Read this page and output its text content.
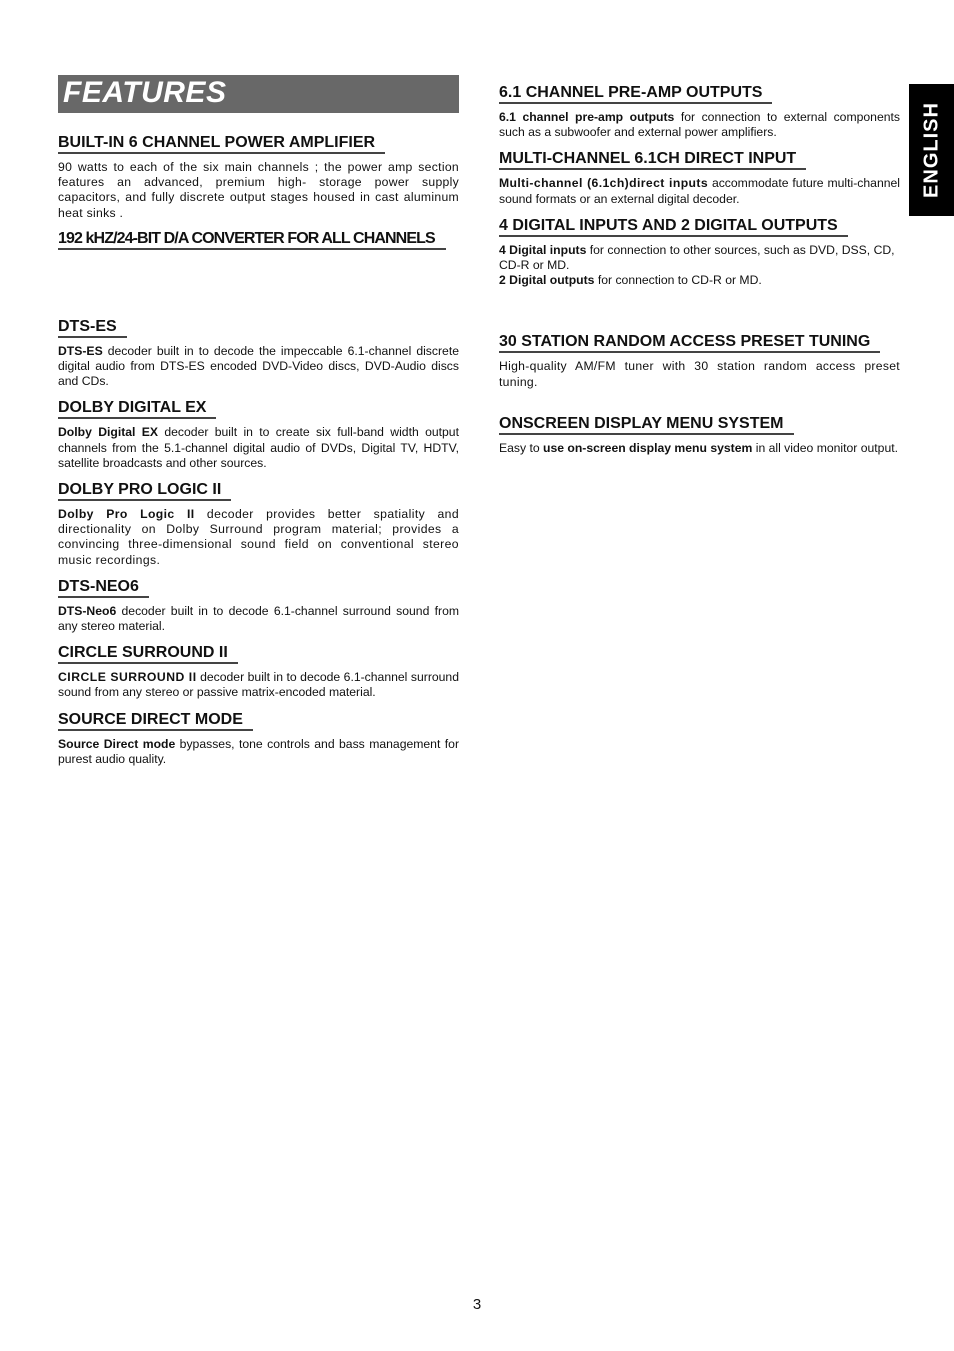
FEATURES
ENGLISH
BUILT-IN 6 CHANNEL POWER AMPLIFIER

90 watts to each of the six main channels ; the power amp section features an advanced, premium high- storage power supply capacitors, and fully discrete output stages housed in cast aluminum heat sinks .

192 kHZ/24-BIT D/A CONVERTER FOR ALL CHANNELS
DTS-ES

DTS-ES decoder built in to decode the impeccable 6.1-channel discrete digital audio from DTS-ES encoded DVD-Video discs, DVD-Audio discs and CDs.

DOLBY DIGITAL EX

Dolby Digital EX decoder built in to create six full-band width output channels from the 5.1-channel digital audio of DVDs, Digital TV, HDTV, satellite broadcasts and other sources.

DOLBY PRO LOGIC II

Dolby Pro Logic II decoder provides better spatiality and directionality on Dolby Surround program material; provides a convincing three-dimensional sound field on conventional stereo music recordings.

DTS-NEO6

DTS-Neo6 decoder built in to decode 6.1-channel surround sound from any stereo material.

CIRCLE SURROUND II

CIRCLE SURROUND II decoder built in to decode 6.1-channel surround sound from any stereo or passive matrix-encoded material.

SOURCE DIRECT MODE

Source Direct mode bypasses, tone controls and bass management for purest audio quality.

6.1 CHANNEL PRE-AMP OUTPUTS

6.1 channel pre-amp outputs for connection to external components such as a subwoofer and external power amplifiers.

MULTI-CHANNEL 6.1CH DIRECT INPUT

Multi-channel (6.1ch)direct inputs accommodate future multi-channel sound formats or an external digital decoder.

4 DIGITAL INPUTS AND 2 DIGITAL OUTPUTS

4 Digital inputs for connection to other sources, such as DVD, DSS, CD, CD-R or MD.
2 Digital outputs for connection to CD-R or MD.

30 STATION RANDOM ACCESS PRESET TUNING

High-quality AM/FM tuner with 30 station random access preset tuning.

ONSCREEN DISPLAY MENU SYSTEM

Easy to use on-screen display menu system in all video monitor output.

3
